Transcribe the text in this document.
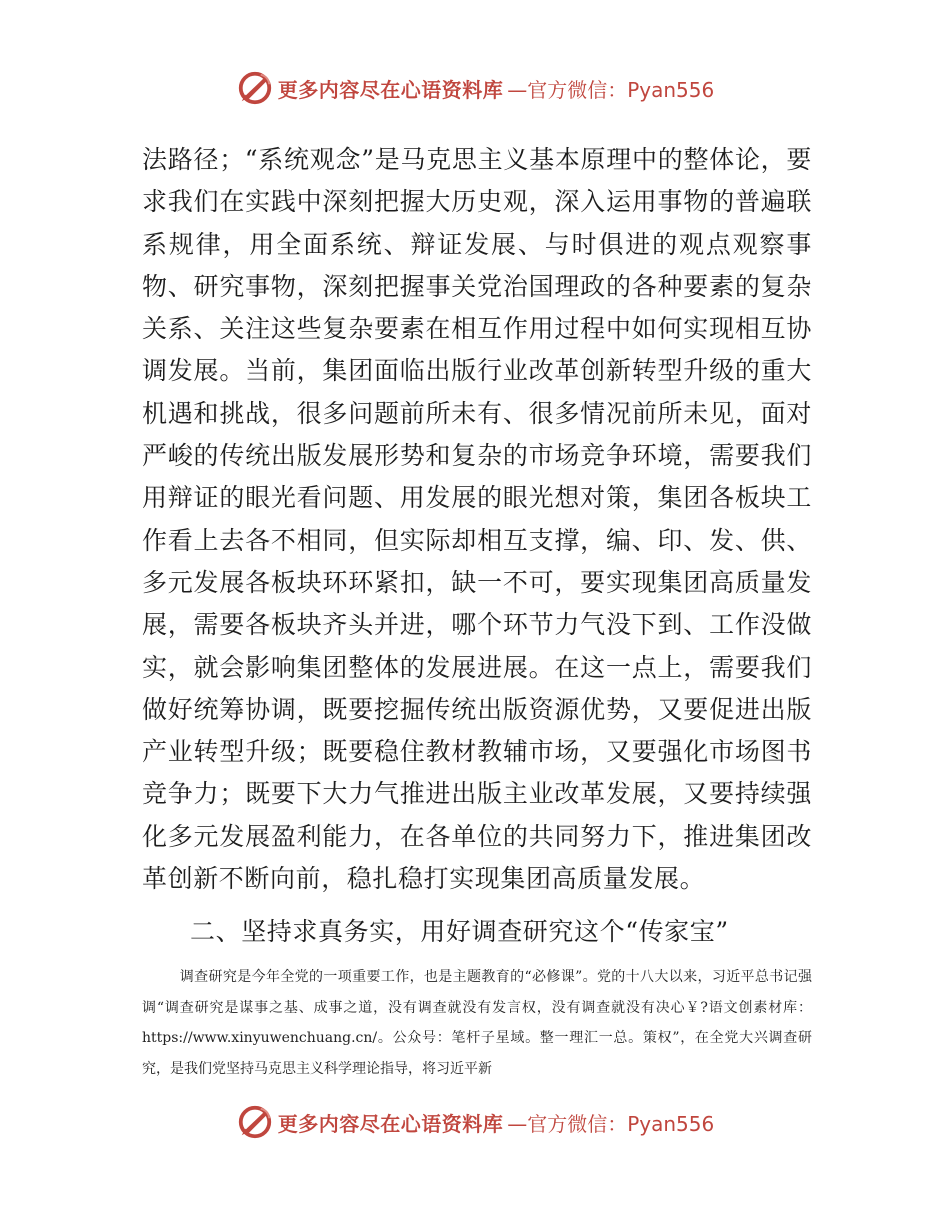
更多内容尽在心语资料库 —官方微信：Pyan556

法路径；“系统观念”是马克思主义基本原理中的整体论，要求我们在实践中深刻把握大历史观，深入运用事物的普遍联系规律，用全面系统、辩证发展、与时俱进的观点观察事物、研究事物，深刻把握事关党治国理政的各种要素的复杂关系、关注这些复杂要素在相互作用过程中如何实现相互协调发展。当前，集团面临出版行业改革创新转型升级的重大机遇和挑战，很多问题前所未有、很多情况前所未见，面对严峻的传统出版发展形势和复杂的市场竞争环境，需要我们用辩证的眼光看问题、用发展的眼光想对策，集团各板块工作看上去各不相同，但实际却相互支撑，编、印、发、供、多元发展各板块环环紧扣，缺一不可，要实现集团高质量发展，需要各板块齐头并进，哪个环节力气没下到、工作没做实，就会影响集团整体的发展进展。在这一点上，需要我们做好统筹协调，既要挖掘传统出版资源优势，又要促进出版产业转型升级；既要稳住教材教辅市场，又要强化市场图书竞争力；既要下大力气推进出版主业改革发展，又要持续强化多元发展盈利能力，在各单位的共同努力下，推进集团改革创新不断向前，稳扎稳打实现集团高质量发展。

二、坚持求真务实，用好调查研究这个“传家宝”

调查研究是今年全党的一项重要工作，也是主题教育的“必修课”。党的十八大以来，习近平总书记强调“调查研究是谋事之基、成事之道，没有调查就没有发言权，没有调查就没有决心￥?语文创素材库：https://www.xinyuwenchuang.cn/。公众号：笔杆子星域。整一理汇一总。策权”，在全党大兴调查研究，是我们党坚持马克思主义科学理论指导，将习近平新

更多内容尽在心语资料库 —官方微信：Pyan556
